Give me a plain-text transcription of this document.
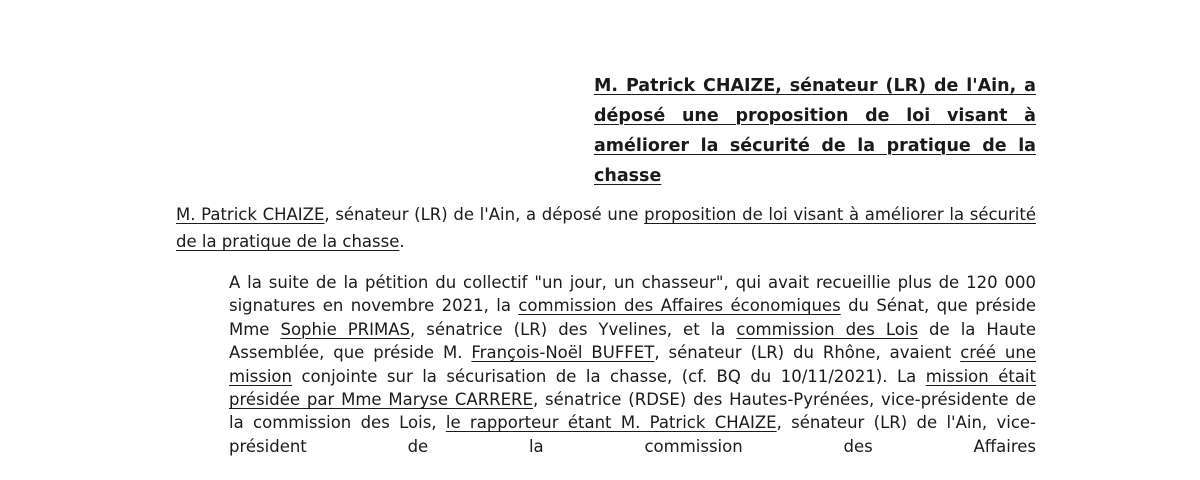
M. Patrick CHAIZE, sénateur (LR) de l'Ain, a déposé une proposition de loi visant à améliorer la sécurité de la pratique de la chasse
M. Patrick CHAIZE, sénateur (LR) de l'Ain, a déposé une proposition de loi visant à améliorer la sécurité de la pratique de la chasse.
A la suite de la pétition du collectif "un jour, un chasseur", qui avait recueillie plus de 120 000 signatures en novembre 2021, la commission des Affaires économiques du Sénat, que préside Mme Sophie PRIMAS, sénatrice (LR) des Yvelines, et la commission des Lois de la Haute Assemblée, que préside M. François-Noël BUFFET, sénateur (LR) du Rhône, avaient créé une mission conjointe sur la sécurisation de la chasse, (cf. BQ du 10/11/2021). La mission était présidée par Mme Maryse CARRERE, sénatrice (RDSE) des Hautes-Pyrénées, vice-présidente de la commission des Lois, le rapporteur étant M. Patrick CHAIZE, sénateur (LR) de l'Ain, vice-président de la commission des Affaires
